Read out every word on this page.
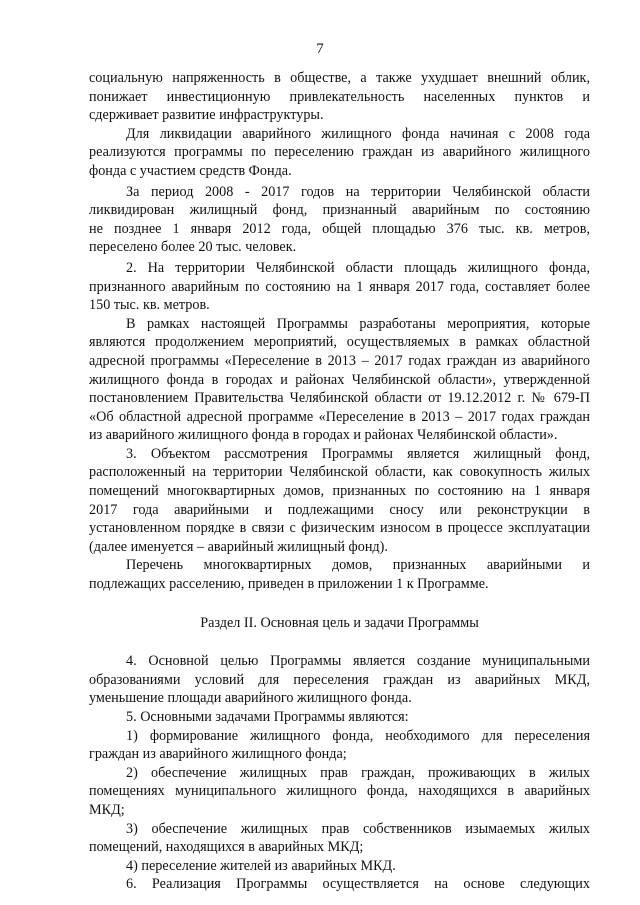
7
социальную напряженность в обществе, а также ухудшает внешний облик,
понижает инвестиционную привлекательность населенных пунктов и
сдерживает развитие инфраструктуры.
Для ликвидации аварийного жилищного фонда начиная с 2008 года
реализуются программы по переселению граждан из аварийного жилищного
фонда с участием средств Фонда.
За период 2008 - 2017 годов на территории Челябинской области
ликвидирован жилищный фонд, признанный аварийным по состоянию
не позднее 1 января 2012 года, общей площадью 376 тыс. кв. метров,
переселено более 20 тыс. человек.
2. На территории Челябинской области площадь жилищного фонда,
признанного аварийным по состоянию на 1 января 2017 года, составляет более
150 тыс. кв. метров.
В рамках настоящей Программы разработаны мероприятия, которые
являются продолжением мероприятий, осуществляемых в рамках областной
адресной программы «Переселение в 2013 – 2017 годах граждан из аварийного
жилищного фонда в городах и районах Челябинской области», утвержденной
постановлением Правительства Челябинской области от 19.12.2012 г. № 679-П
«Об областной адресной программе «Переселение в 2013 – 2017 годах граждан
из аварийного жилищного фонда в городах и районах Челябинской области».
3. Объектом рассмотрения Программы является жилищный фонд,
расположенный на территории Челябинской области, как совокупность жилых
помещений многоквартирных домов, признанных по состоянию на 1 января
2017 года аварийными и подлежащими сносу или реконструкции в
установленном порядке в связи с физическим износом в процессе эксплуатации
(далее именуется – аварийный жилищный фонд).
Перечень многоквартирных домов, признанных аварийными и
подлежащих расселению, приведен в приложении 1 к Программе.
Раздел II. Основная цель и задачи Программы
4. Основной целью Программы является создание муниципальными
образованиями условий для переселения граждан из аварийных МКД,
уменьшение площади аварийного жилищного фонда.
5. Основными задачами Программы являются:
1) формирование жилищного фонда, необходимого для переселения
граждан из аварийного жилищного фонда;
2) обеспечение жилищных прав граждан, проживающих в жилых
помещениях муниципального жилищного фонда, находящихся в аварийных
МКД;
3) обеспечение жилищных прав собственников изымаемых жилых
помещений, находящихся в аварийных МКД;
4) переселение жителей из аварийных МКД.
6. Реализация Программы осуществляется на основе следующих
